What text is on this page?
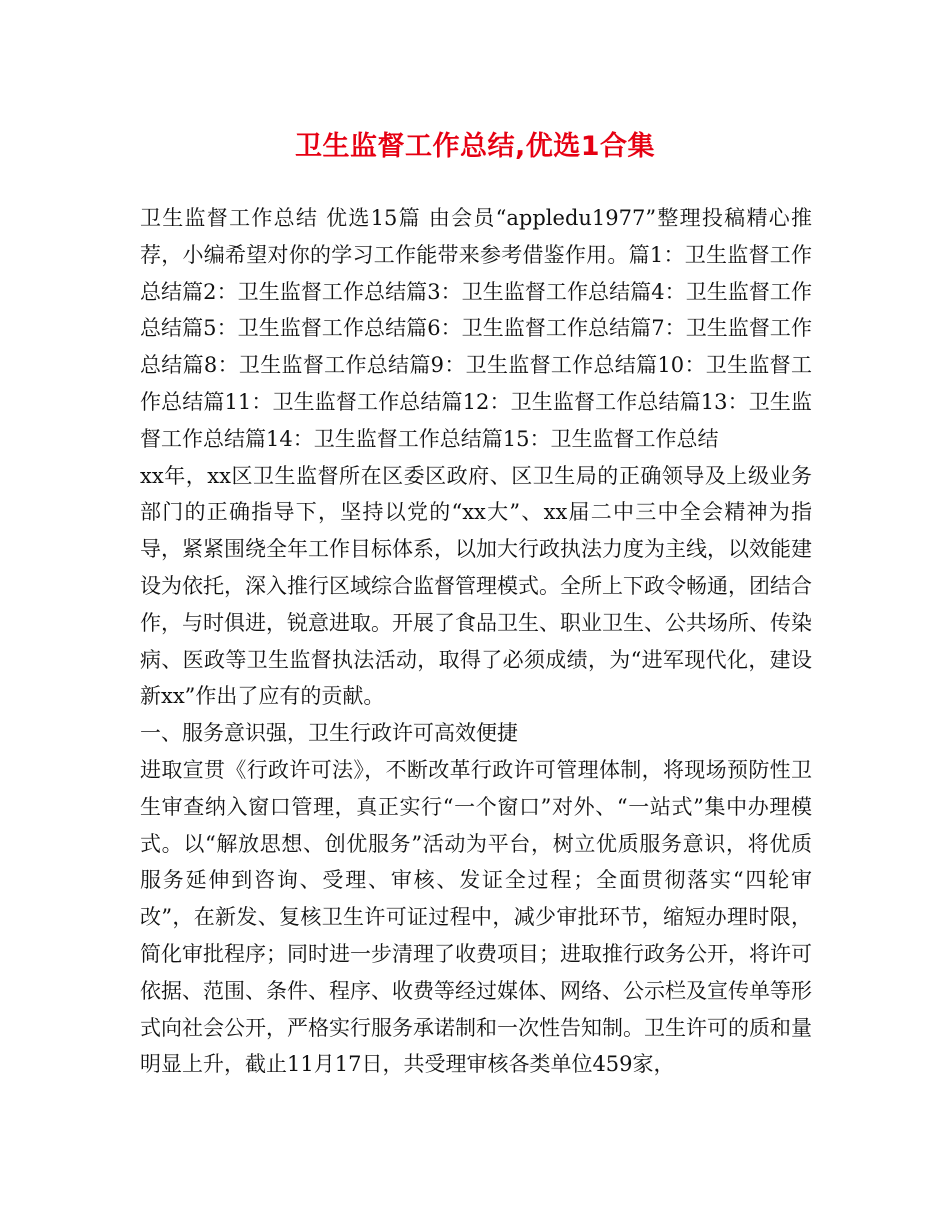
卫生监督工作总结,优选1合集

卫生监督工作总结 优选15篇 由会员“appledu1977”整理投稿精心推荐，小编希望对你的学习工作能带来参考借鉴作用。篇1：卫生监督工作总结篇2：卫生监督工作总结篇3：卫生监督工作总结篇4：卫生监督工作总结篇5：卫生监督工作总结篇6：卫生监督工作总结篇7：卫生监督工作总结篇8：卫生监督工作总结篇9：卫生监督工作总结篇10：卫生监督工作总结篇11：卫生监督工作总结篇12：卫生监督工作总结篇13：卫生监督工作总结篇14：卫生监督工作总结篇15：卫生监督工作总结

xx年，xx区卫生监督所在区委区政府、区卫生局的正确领导及上级业务部门的正确指导下，坚持以党的“xx大”、xx届二中三中全会精神为指导，紧紧围绕全年工作目标体系，以加大行政执法力度为主线，以效能建设为依托，深入推行区域综合监督管理模式。全所上下政令畅通，团结合作，与时俱进，锐意进取。开展了食品卫生、职业卫生、公共场所、传染病、医政等卫生监督执法活动，取得了必须成绩，为“进军现代化，建设新xx”作出了应有的贡献。

一、服务意识强，卫生行政许可高效便捷

进取宣贯《行政许可法》，不断改革行政许可管理体制，将现场预防性卫生审查纳入窗口管理，真正实行“一个窗口”对外、“一站式”集中办理模式。以“解放思想、创优服务”活动为平台，树立优质服务意识，将优质服务延伸到咨询、受理、审核、发证全过程；全面贯彻落实“四轮审改”，在新发、复核卫生许可证过程中，减少审批环节，缩短办理时限，简化审批程序；同时进一步清理了收费项目；进取推行政务公开，将许可依据、范围、条件、程序、收费等经过媒体、网络、公示栏及宣传单等形式向社会公开，严格实行服务承诺制和一次性告知制。卫生许可的质和量明显上升，截止11月17日，共受理审核各类单位459家，
